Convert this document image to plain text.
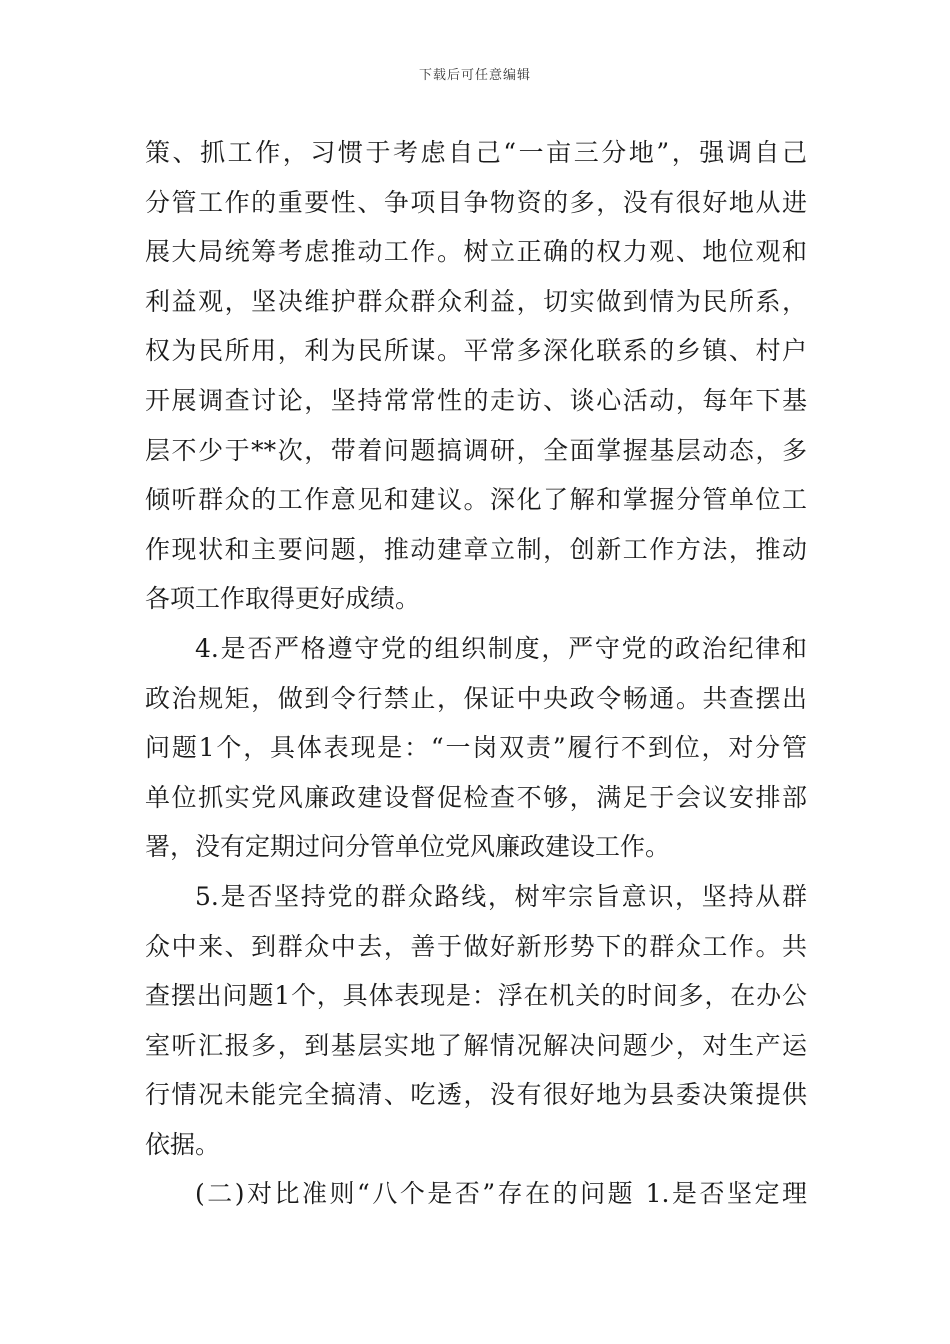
下载后可任意编辑
策、抓工作，习惯于考虑自己“一亩三分地”，强调自己
分管工作的重要性、争项目争物资的多，没有很好地从进
展大局统筹考虑推动工作。树立正确的权力观、地位观和
利益观，坚决维护群众群众利益，切实做到情为民所系，
权为民所用，利为民所谋。平常多深化联系的乡镇、村户
开展调查讨论，坚持常常性的走访、谈心活动，每年下基
层不少于**次，带着问题搞调研，全面掌握基层动态，多
倾听群众的工作意见和建议。深化了解和掌握分管单位工
作现状和主要问题，推动建章立制，创新工作方法，推动
各项工作取得更好成绩。
4.是否严格遵守党的组织制度，严守党的政治纪律和
政治规矩，做到令行禁止，保证中央政令畅通。共查摆出
问题1个，具体表现是：“一岗双责”履行不到位，对分管
单位抓实党风廉政建设督促检查不够，满足于会议安排部
署，没有定期过问分管单位党风廉政建设工作。
5.是否坚持党的群众路线，树牢宗旨意识，坚持从群
众中来、到群众中去，善于做好新形势下的群众工作。共
查摆出问题1个，具体表现是：浮在机关的时间多，在办公
室听汇报多，到基层实地了解情况解决问题少，对生产运
行情况未能完全搞清、吃透，没有很好地为县委决策提供
依据。
(二)对比准则“八个是否”存在的问题 1.是否坚定理
